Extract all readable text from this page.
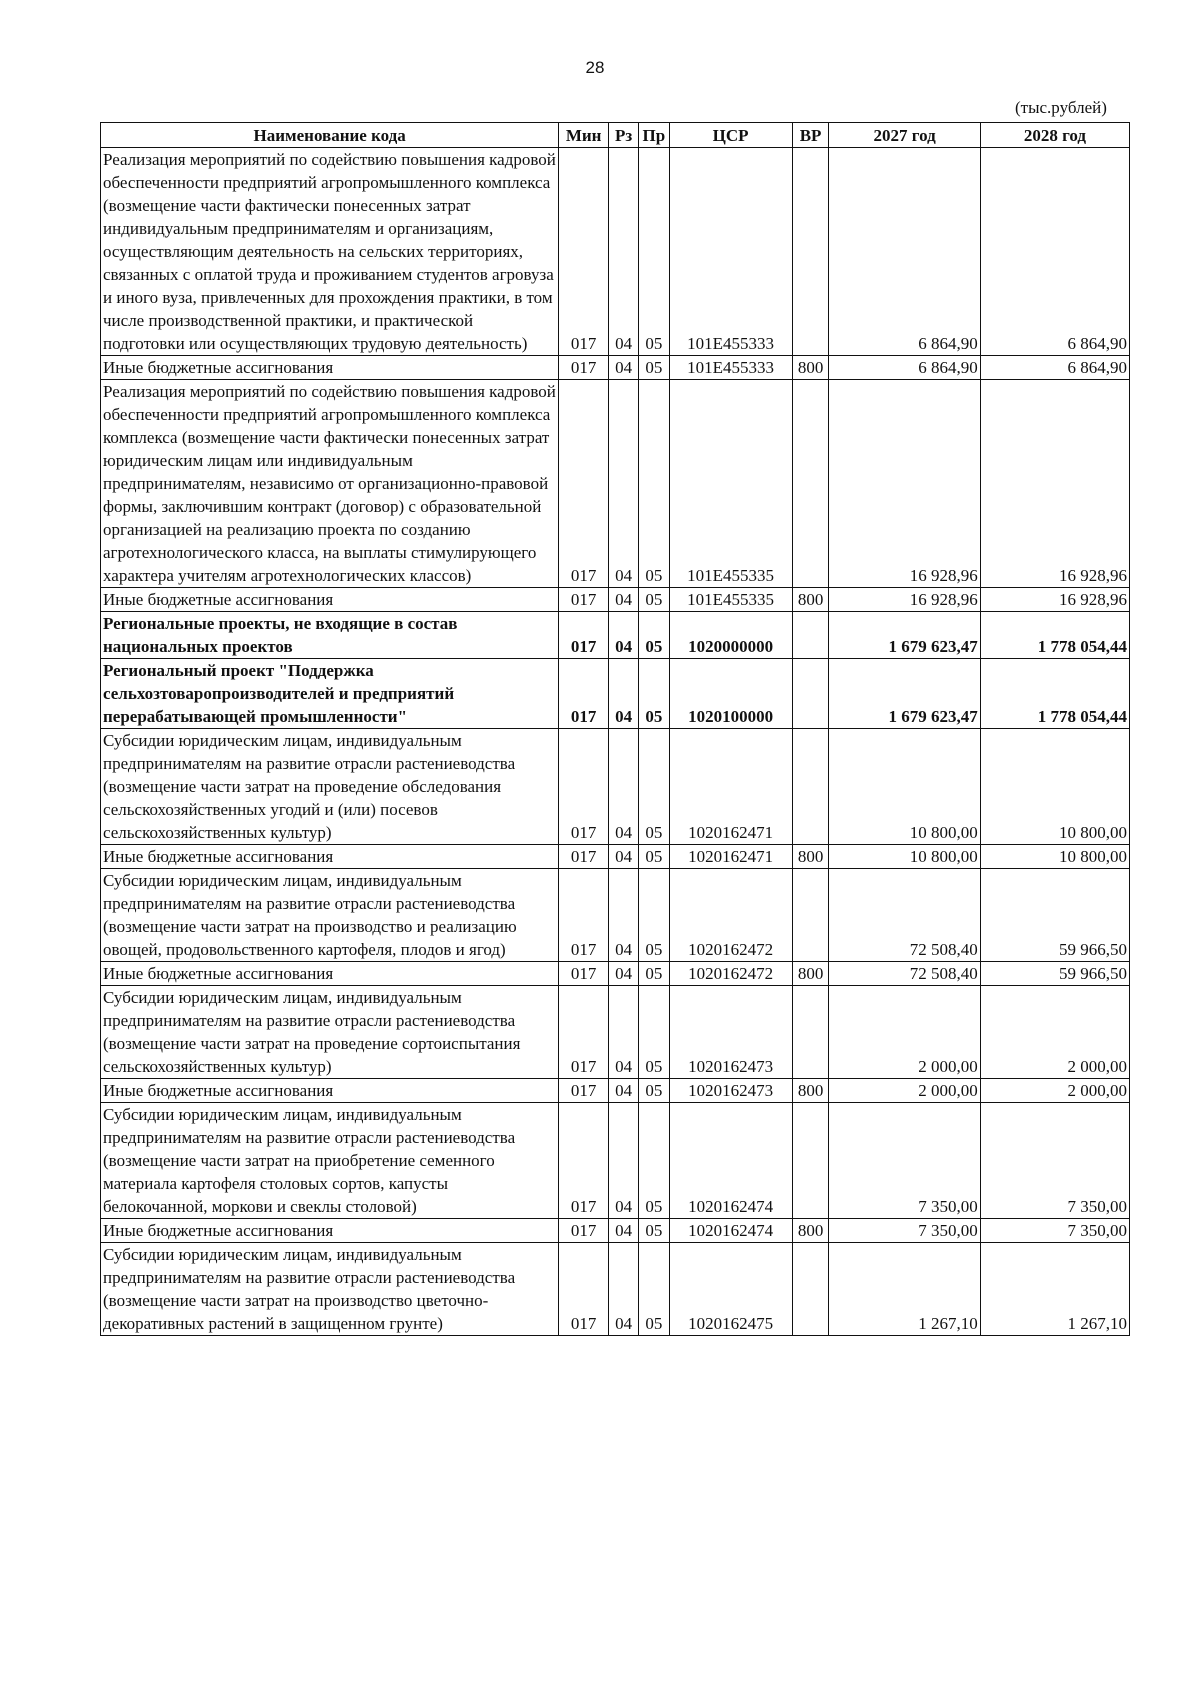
28
(тыс.рублей)
Наименование кода	Мин	Рз	Пр	ЦСР	ВР	2027 год	2028 год
Реализация мероприятий по содействию повышения кадровой обеспеченности предприятий агропромышленного комплекса (возмещение части фактически понесенных затрат индивидуальным предпринимателям и организациям, осуществляющим деятельность на сельских территориях, связанных с оплатой труда и проживанием студентов агровуза и иного вуза, привлеченных для прохождения практики, в том числе производственной практики, и практической подготовки или осуществляющих трудовую деятельность)	017	04	05	101E455333		6 864,90	6 864,90
Иные бюджетные ассигнования	017	04	05	101E455333	800	6 864,90	6 864,90
Реализация мероприятий по содействию повышения кадровой обеспеченности предприятий агропромышленного комплекса комплекса (возмещение части фактически понесенных затрат юридическим лицам или индивидуальным предпринимателям, независимо от организационно-правовой формы, заключившим контракт (договор) с образовательной организацией на реализацию проекта по созданию агротехнологического класса, на выплаты стимулирующего характера учителям агротехнологических классов)	017	04	05	101E455335		16 928,96	16 928,96
Иные бюджетные ассигнования	017	04	05	101E455335	800	16 928,96	16 928,96
Региональные проекты, не входящие в состав национальных проектов	017	04	05	1020000000		1 679 623,47	1 778 054,44
Региональный проект "Поддержка сельхозтоваропроизводителей и предприятий перерабатывающей промышленности"	017	04	05	1020100000		1 679 623,47	1 778 054,44
Субсидии юридическим лицам, индивидуальным предпринимателям на развитие отрасли растениеводства (возмещение части затрат на проведение обследования сельскохозяйственных угодий и (или) посевов сельскохозяйственных культур)	017	04	05	1020162471		10 800,00	10 800,00
Иные бюджетные ассигнования	017	04	05	1020162471	800	10 800,00	10 800,00
Субсидии юридическим лицам, индивидуальным предпринимателям на развитие отрасли растениеводства (возмещение части затрат на производство и реализацию овощей, продовольственного картофеля, плодов и ягод)	017	04	05	1020162472		72 508,40	59 966,50
Иные бюджетные ассигнования	017	04	05	1020162472	800	72 508,40	59 966,50
Субсидии юридическим лицам, индивидуальным предпринимателям на развитие отрасли растениеводства (возмещение части затрат на проведение сортоиспытания сельскохозяйственных культур)	017	04	05	1020162473		2 000,00	2 000,00
Иные бюджетные ассигнования	017	04	05	1020162473	800	2 000,00	2 000,00
Субсидии юридическим лицам, индивидуальным предпринимателям на развитие отрасли растениеводства (возмещение части затрат на приобретение семенного материала картофеля столовых сортов, капусты белокочанной, моркови и свеклы столовой)	017	04	05	1020162474		7 350,00	7 350,00
Иные бюджетные ассигнования	017	04	05	1020162474	800	7 350,00	7 350,00
Субсидии юридическим лицам, индивидуальным предпринимателям на развитие отрасли растениеводства (возмещение части затрат на производство цветочно-декоративных растений в защищенном грунте)	017	04	05	1020162475		1 267,10	1 267,10
